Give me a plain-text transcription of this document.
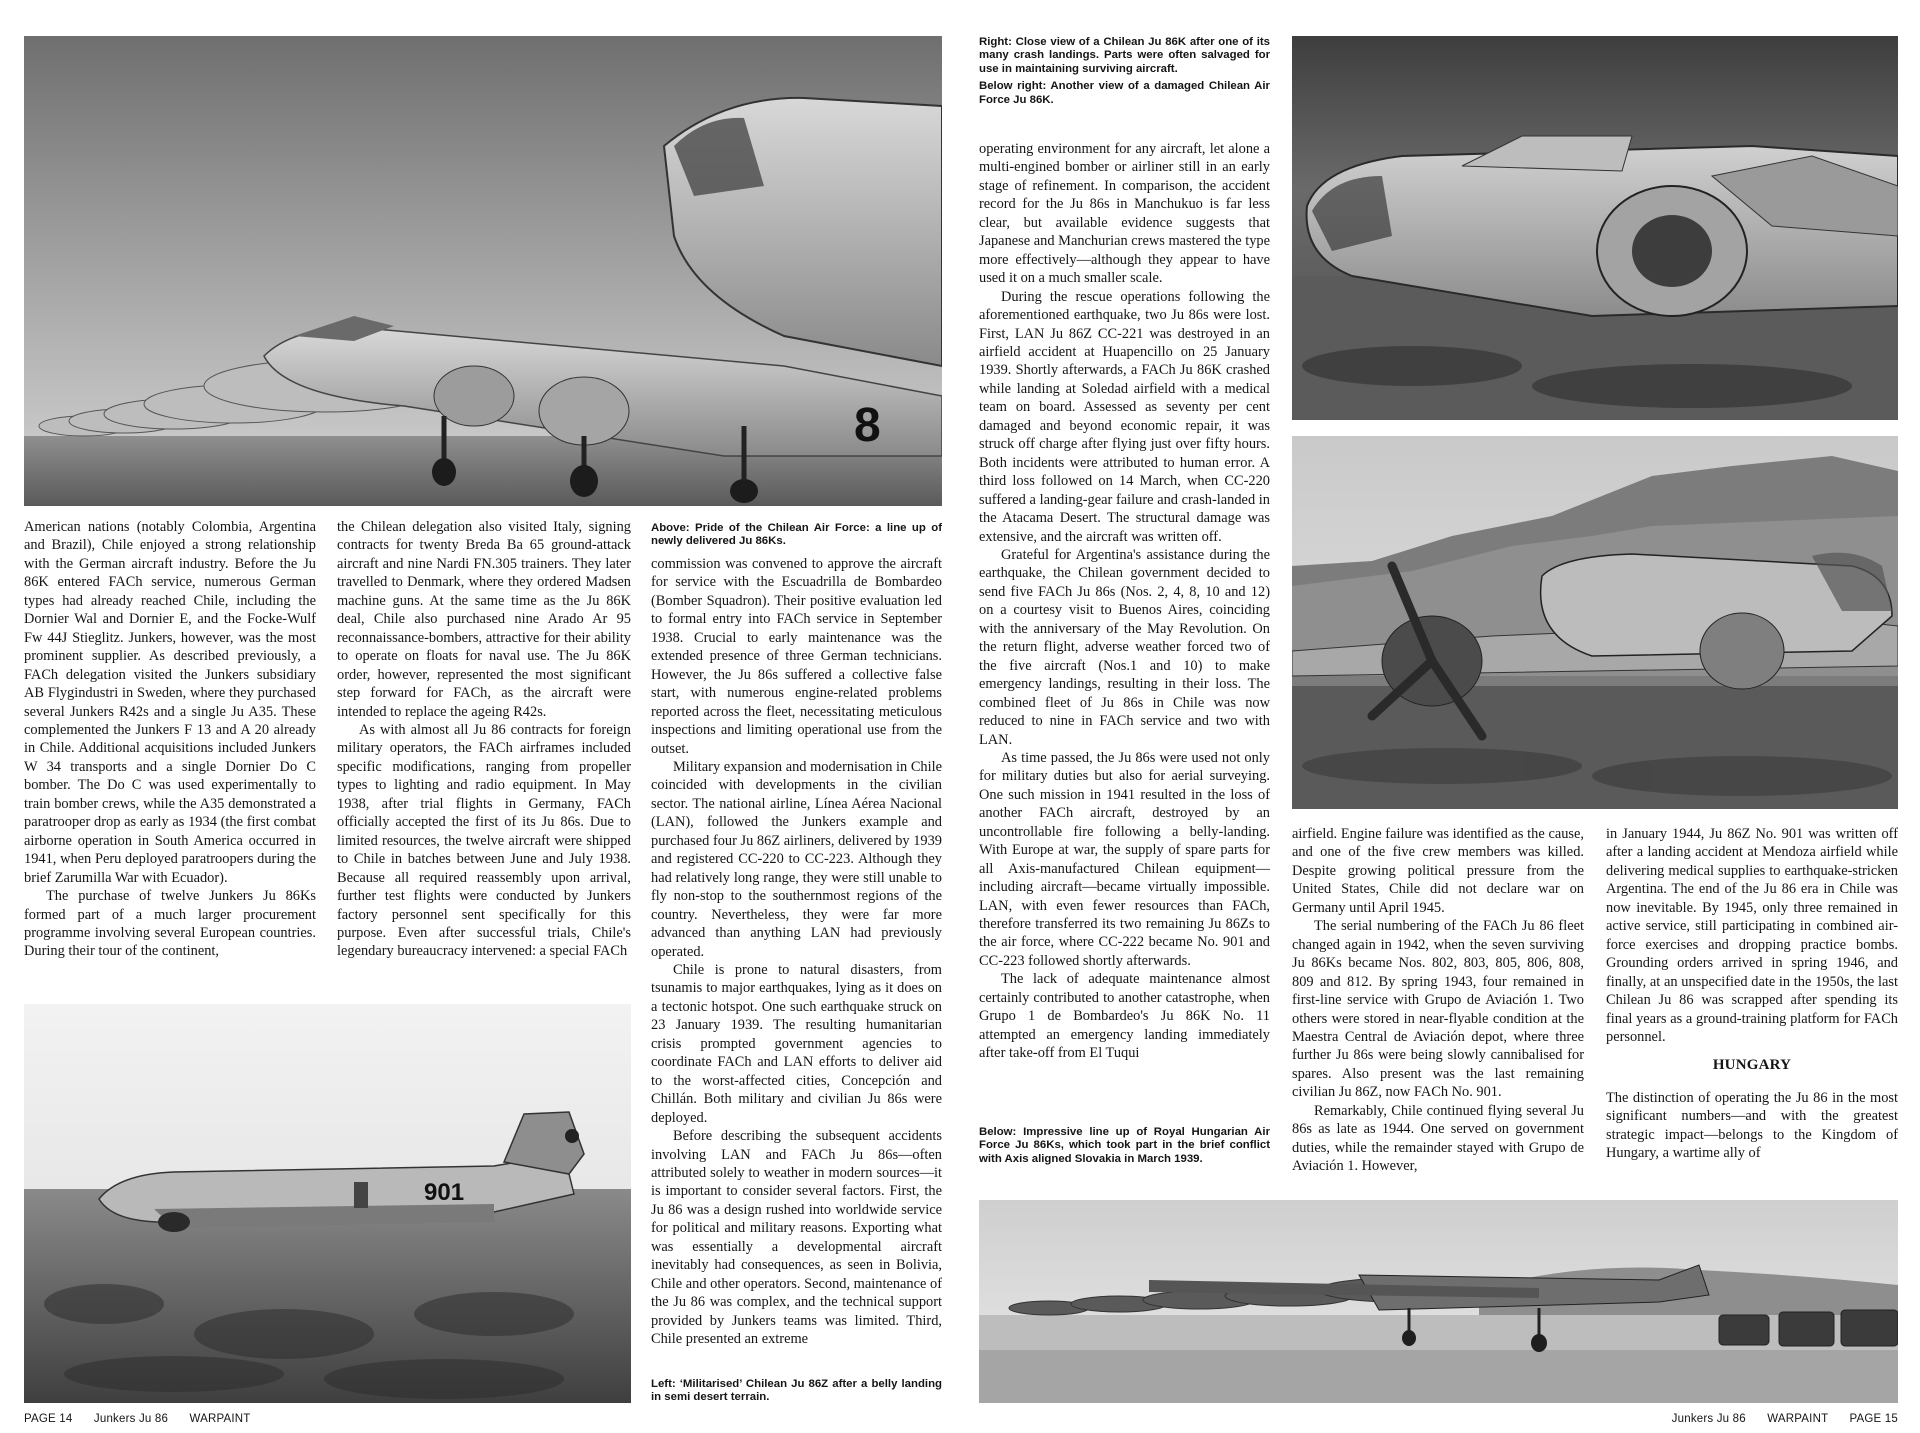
8

American nations (notably Colombia, Argentina and Brazil), Chile enjoyed a strong relationship with the German aircraft industry. Before the Ju 86K entered FACh service, numerous German types had already reached Chile, including the Dornier Wal and Dornier E, and the Focke-Wulf Fw 44J Stieglitz. Junkers, however, was the most prominent supplier. As described previously, a FACh delegation visited the Junkers subsidiary AB Flygindustri in Sweden, where they purchased several Junkers R42s and a single Ju A35. These complemented the Junkers F 13 and A 20 already in Chile. Additional acquisitions included Junkers W 34 transports and a single Dornier Do C bomber. The Do C was used experimentally to train bomber crews, while the A35 demonstrated a paratrooper drop as early as 1934 (the first combat airborne operation in South America occurred in 1941, when Peru deployed paratroopers during the brief Zarumilla War with Ecuador).

The purchase of twelve Junkers Ju 86Ks formed part of a much larger procurement programme involving several European countries. During their tour of the continent,

the Chilean delegation also visited Italy, signing contracts for twenty Breda Ba 65 ground-attack aircraft and nine Nardi FN.305 trainers. They later travelled to Denmark, where they ordered Madsen machine guns. At the same time as the Ju 86K deal, Chile also purchased nine Arado Ar 95 reconnaissance-bombers, attractive for their ability to operate on floats for naval use. The Ju 86K order, however, represented the most significant step forward for FACh, as the aircraft were intended to replace the ageing R42s.

As with almost all Ju 86 contracts for foreign military operators, the FACh airframes included specific modifications, ranging from propeller types to lighting and radio equipment. In May 1938, after trial flights in Germany, FACh officially accepted the first of its Ju 86s. Due to limited resources, the twelve aircraft were shipped to Chile in batches between June and July 1938. Because all required reassembly upon arrival, further test flights were conducted by Junkers factory personnel sent specifically for this purpose. Even after successful trials, Chile's legendary bureaucracy intervened: a special FACh

Above: Pride of the Chilean Air Force: a line up of newly delivered Ju 86Ks.

commission was convened to approve the aircraft for service with the Escuadrilla de Bombardeo (Bomber Squadron). Their positive evaluation led to formal entry into FACh service in September 1938. Crucial to early maintenance was the extended presence of three German technicians. However, the Ju 86s suffered a collective false start, with numerous engine-related problems reported across the fleet, necessitating meticulous inspections and limiting operational use from the outset.

Military expansion and modernisation in Chile coincided with developments in the civilian sector. The national airline, Línea Aérea Nacional (LAN), followed the Junkers example and purchased four Ju 86Z airliners, delivered by 1939 and registered CC-220 to CC-223. Although they had relatively long range, they were still unable to fly non-stop to the southernmost regions of the country. Nevertheless, they were far more advanced than anything LAN had previously operated.

Chile is prone to natural disasters, from tsunamis to major earthquakes, lying as it does on a tectonic hotspot. One such earthquake struck on 23 January 1939. The resulting humanitarian crisis prompted government agencies to coordinate FACh and LAN efforts to deliver aid to the worst-affected cities, Concepción and Chillán. Both military and civilian Ju 86s were deployed.

Before describing the subsequent accidents involving LAN and FACh Ju 86s—often attributed solely to weather in modern sources—it is important to consider several factors. First, the Ju 86 was a design rushed into worldwide service for political and military reasons. Exporting what was essentially a developmental aircraft inevitably had consequences, as seen in Bolivia, Chile and other operators. Second, maintenance of the Ju 86 was complex, and the technical support provided by Junkers teams was limited. Third, Chile presented an extreme

Left: ‘Militarised’ Chilean Ju 86Z after a belly landing in semi desert terrain.

901
PAGE 14 Junkers Ju 86 WARPAINT

Right: Close view of a Chilean Ju 86K after one of its many crash landings. Parts were often salvaged for use in maintaining surviving aircraft.

Below right: Another view of a damaged Chilean Air Force Ju 86K.

operating environment for any aircraft, let alone a multi-engined bomber or airliner still in an early stage of refinement. In comparison, the accident record for the Ju 86s in Manchukuo is far less clear, but available evidence suggests that Japanese and Manchurian crews mastered the type more effectively—although they appear to have used it on a much smaller scale.

During the rescue operations following the aforementioned earthquake, two Ju 86s were lost. First, LAN Ju 86Z CC-221 was destroyed in an airfield accident at Huapencillo on 25 January 1939. Shortly afterwards, a FACh Ju 86K crashed while landing at Soledad airfield with a medical team on board. Assessed as seventy per cent damaged and beyond economic repair, it was struck off charge after flying just over fifty hours. Both incidents were attributed to human error. A third loss followed on 14 March, when CC-220 suffered a landing-gear failure and crash-landed in the Atacama Desert. The structural damage was extensive, and the aircraft was written off.

Grateful for Argentina's assistance during the earthquake, the Chilean government decided to send five FACh Ju 86s (Nos. 2, 4, 8, 10 and 12) on a courtesy visit to Buenos Aires, coinciding with the anniversary of the May Revolution. On the return flight, adverse weather forced two of the five aircraft (Nos.1 and 10) to make emergency landings, resulting in their loss. The combined fleet of Ju 86s in Chile was now reduced to nine in FACh service and two with LAN.

As time passed, the Ju 86s were used not only for military duties but also for aerial surveying. One such mission in 1941 resulted in the loss of another FACh aircraft, destroyed by an uncontrollable fire following a belly-landing. With Europe at war, the supply of spare parts for all Axis-manufactured Chilean equipment—including aircraft—became virtually impossible. LAN, with even fewer resources than FACh, therefore transferred its two remaining Ju 86Zs to the air force, where CC-222 became No. 901 and CC-223 followed shortly afterwards.

The lack of adequate maintenance almost certainly contributed to another catastrophe, when Grupo 1 de Bombardeo's Ju 86K No. 11 attempted an emergency landing immediately after take-off from El Tuqui

Below: Impressive line up of Royal Hungarian Air Force Ju 86Ks, which took part in the brief conflict with Axis aligned Slovakia in March 1939.

airfield. Engine failure was identified as the cause, and one of the five crew members was killed. Despite growing political pressure from the United States, Chile did not declare war on Germany until April 1945.

The serial numbering of the FACh Ju 86 fleet changed again in 1942, when the seven surviving Ju 86Ks became Nos. 802, 803, 805, 806, 808, 809 and 812. By spring 1943, four remained in first-line service with Grupo de Aviación 1. Two others were stored in near-flyable condition at the Maestra Central de Aviación depot, where three further Ju 86s were being slowly cannibalised for spares. Also present was the last remaining civilian Ju 86Z, now FACh No. 901.

Remarkably, Chile continued flying several Ju 86s as late as 1944. One served on government duties, while the remainder stayed with Grupo de Aviación 1. However,

in January 1944, Ju 86Z No. 901 was written off after a landing accident at Mendoza airfield while delivering medical supplies to earthquake-stricken Argentina. The end of the Ju 86 era in Chile was now inevitable. By 1945, only three remained in active service, still participating in combined air-force exercises and dropping practice bombs. Grounding orders arrived in spring 1946, and finally, at an unspecified date in the 1950s, the last Chilean Ju 86 was scrapped after spending its final years as a ground-training platform for FACh personnel.

HUNGARY

The distinction of operating the Ju 86 in the most significant numbers—and with the greatest strategic impact—belongs to the Kingdom of Hungary, a wartime ally of

Junkers Ju 86 WARPAINT PAGE 15
